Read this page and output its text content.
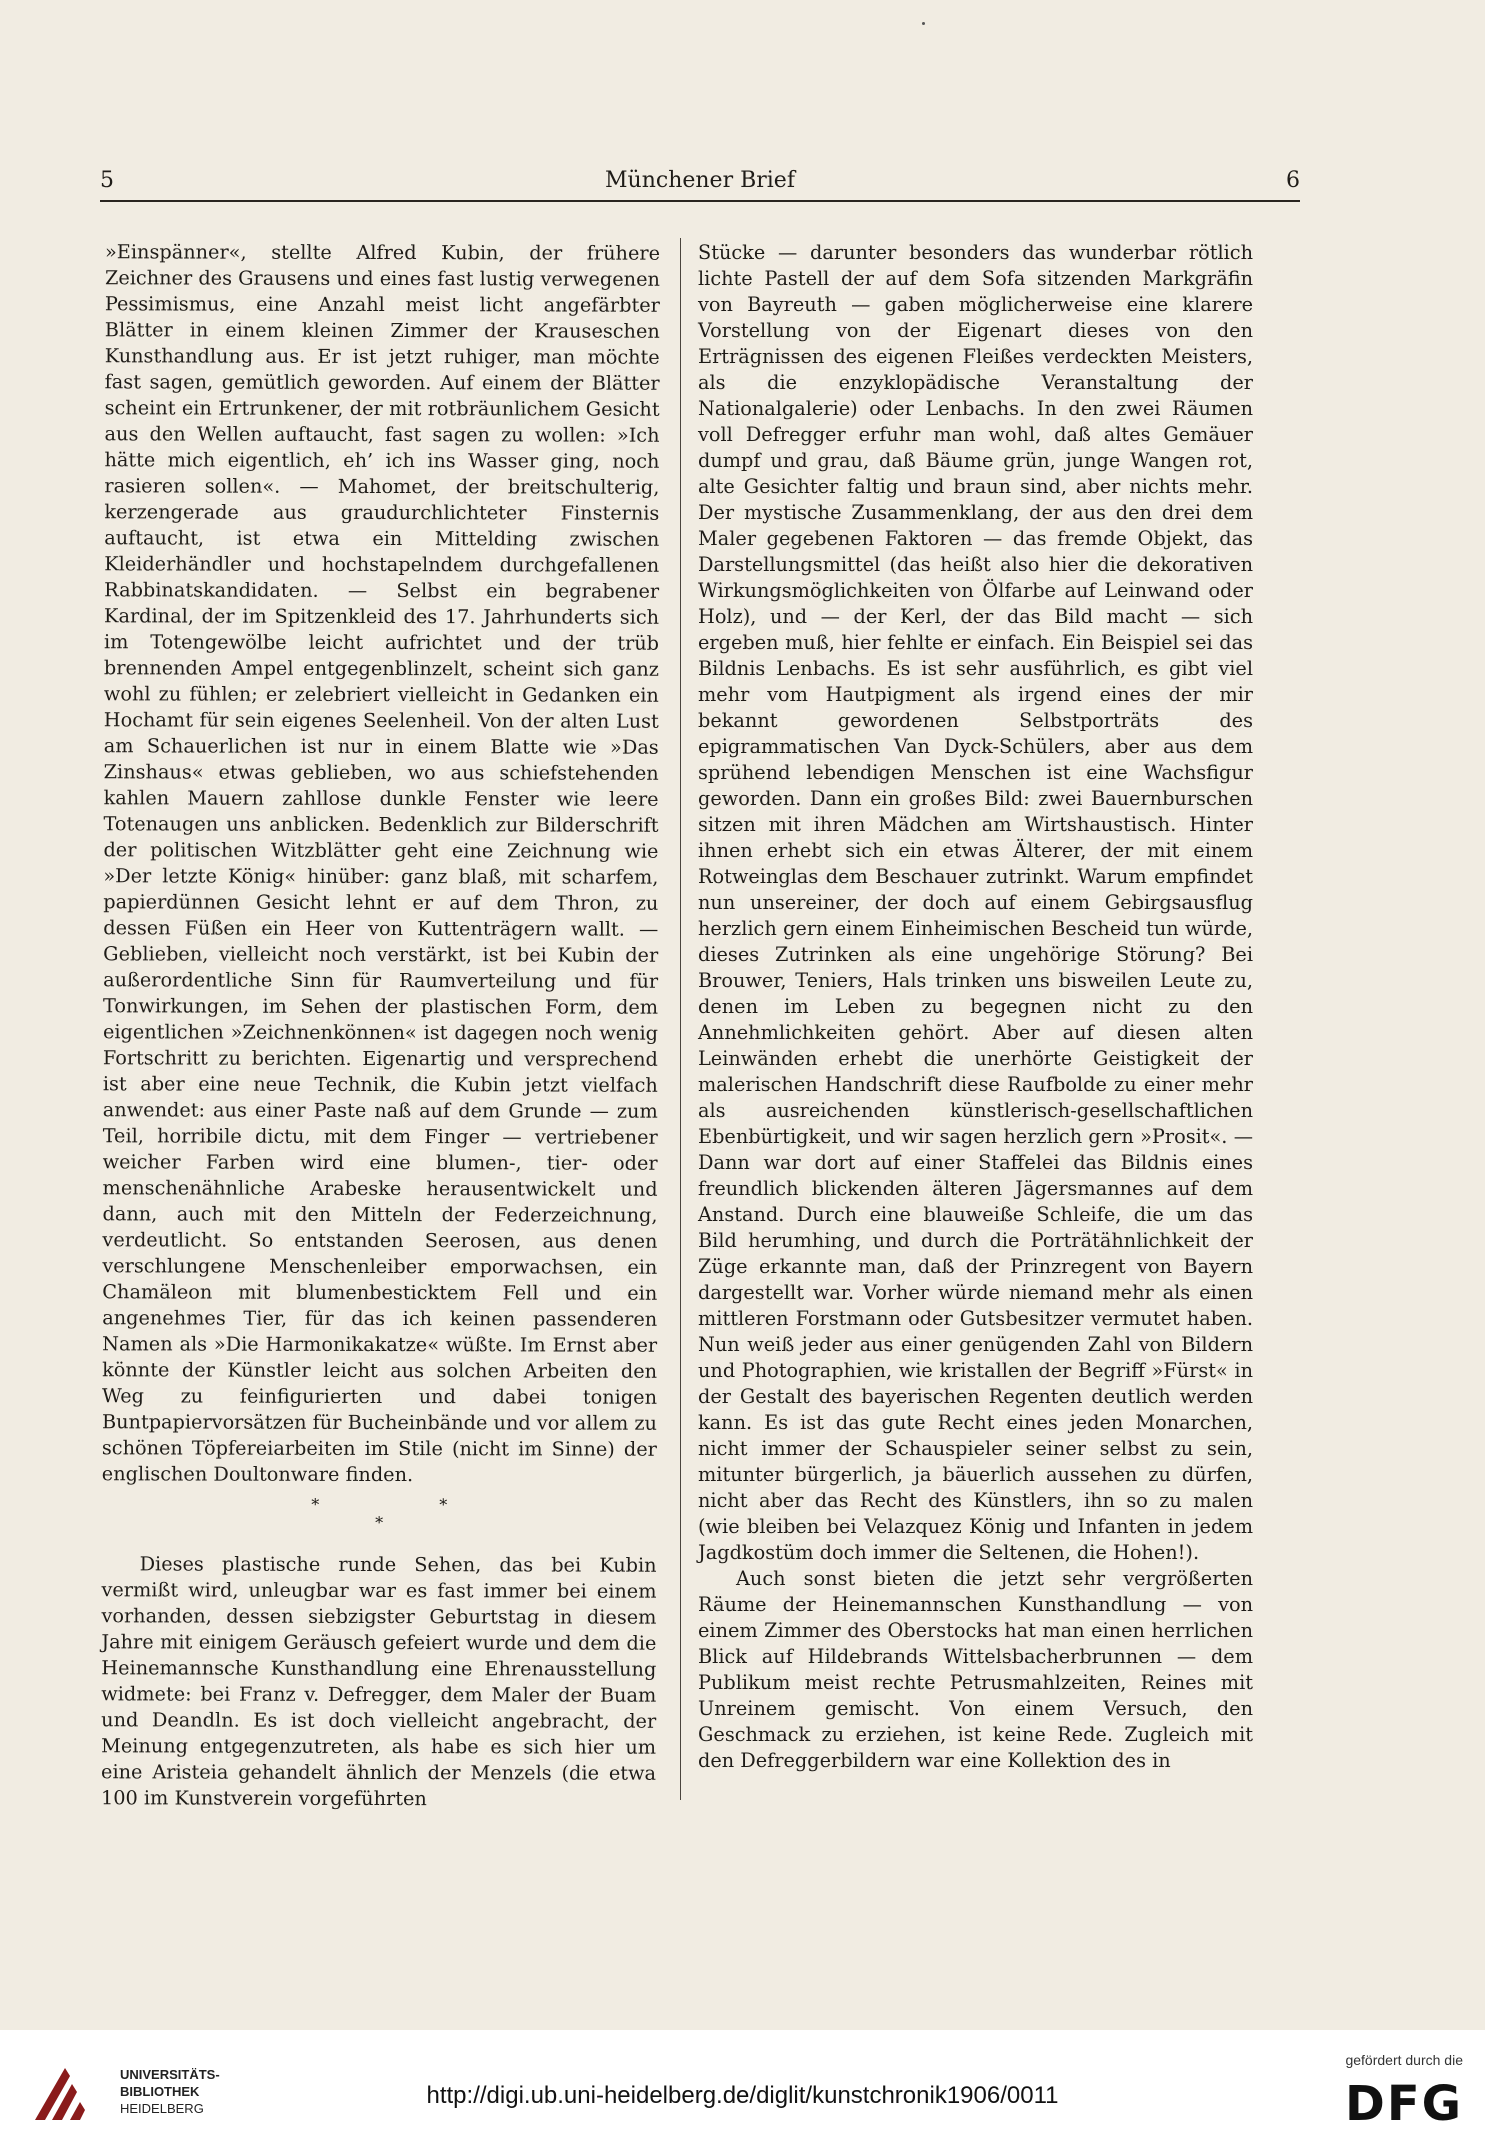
5	Münchener Brief	6

»Einspänner«, stellte Alfred Kubin, der frühere Zeichner des Grausens und eines fast lustig verwegenen Pessimismus, eine Anzahl meist licht angefärbter Blätter in einem kleinen Zimmer der Krauseschen Kunsthandlung aus. Er ist jetzt ruhiger, man möchte fast sagen, gemütlich geworden. Auf einem der Blätter scheint ein Ertrunkener, der mit rotbräunlichem Gesicht aus den Wellen auftaucht, fast sagen zu wollen: »Ich hätte mich eigentlich, eh’ ich ins Wasser ging, noch rasieren sollen«. — Mahomet, der breitschulterig, kerzengerade aus graudurchlichteter Finsternis auftaucht, ist etwa ein Mittelding zwischen Kleiderhändler und hochstapelndem durchgefallenen Rabbinatskandidaten. — Selbst ein begrabener Kardinal, der im Spitzenkleid des 17. Jahrhunderts sich im Totengewölbe leicht aufrichtet und der trüb brennenden Ampel entgegenblinzelt, scheint sich ganz wohl zu fühlen; er zelebriert vielleicht in Gedanken ein Hochamt für sein eigenes Seelenheil. Von der alten Lust am Schauerlichen ist nur in einem Blatte wie »Das Zinshaus« etwas geblieben, wo aus schiefstehenden kahlen Mauern zahllose dunkle Fenster wie leere Totenaugen uns anblicken. Bedenklich zur Bilderschrift der politischen Witzblätter geht eine Zeichnung wie »Der letzte König« hinüber: ganz blaß, mit scharfem, papierdünnen Gesicht lehnt er auf dem Thron, zu dessen Füßen ein Heer von Kuttenträgern wallt. — Geblieben, vielleicht noch verstärkt, ist bei Kubin der außerordentliche Sinn für Raumverteilung und für Tonwirkungen, im Sehen der plastischen Form, dem eigentlichen »Zeichnenkönnen« ist dagegen noch wenig Fortschritt zu berichten. Eigenartig und versprechend ist aber eine neue Technik, die Kubin jetzt vielfach anwendet: aus einer Paste naß auf dem Grunde — zum Teil, horribile dictu, mit dem Finger — vertriebener weicher Farben wird eine blumen-, tier- oder menschenähnliche Arabeske herausentwickelt und dann, auch mit den Mitteln der Federzeichnung, verdeutlicht. So entstanden Seerosen, aus denen verschlungene Menschenleiber emporwachsen, ein Chamäleon mit blumenbesticktem Fell und ein angenehmes Tier, für das ich keinen passenderen Namen als »Die Harmonikakatze« wüßte. Im Ernst aber könnte der Künstler leicht aus solchen Arbeiten den Weg zu feinfigurierten und dabei tonigen Buntpapiervorsätzen für Bucheinbände und vor allem zu schönen Töpfereiarbeiten im Stile (nicht im Sinne) der englischen Doultonware finden.

**
*

Dieses plastische runde Sehen, das bei Kubin vermißt wird, unleugbar war es fast immer bei einem vorhanden, dessen siebzigster Geburtstag in diesem Jahre mit einigem Geräusch gefeiert wurde und dem die Heinemannsche Kunsthandlung eine Ehrenausstellung widmete: bei Franz v. Defregger, dem Maler der Buam und Deandln. Es ist doch vielleicht angebracht, der Meinung entgegenzutreten, als habe es sich hier um eine Aristeia gehandelt ähnlich der Menzels (die etwa 100 im Kunstverein vorgeführten

Stücke — darunter besonders das wunderbar rötlich lichte Pastell der auf dem Sofa sitzenden Markgräfin von Bayreuth — gaben möglicherweise eine klarere Vorstellung von der Eigenart dieses von den Erträgnissen des eigenen Fleißes verdeckten Meisters, als die enzyklopädische Veranstaltung der Nationalgalerie) oder Lenbachs. In den zwei Räumen voll Defregger erfuhr man wohl, daß altes Gemäuer dumpf und grau, daß Bäume grün, junge Wangen rot, alte Gesichter faltig und braun sind, aber nichts mehr. Der mystische Zusammenklang, der aus den drei dem Maler gegebenen Faktoren — das fremde Objekt, das Darstellungsmittel (das heißt also hier die dekorativen Wirkungsmöglichkeiten von Ölfarbe auf Leinwand oder Holz), und — der Kerl, der das Bild macht — sich ergeben muß, hier fehlte er einfach. Ein Beispiel sei das Bildnis Lenbachs. Es ist sehr ausführlich, es gibt viel mehr vom Hautpigment als irgend eines der mir bekannt gewordenen Selbstporträts des epigrammatischen Van Dyck-Schülers, aber aus dem sprühend lebendigen Menschen ist eine Wachsfigur geworden. Dann ein großes Bild: zwei Bauernburschen sitzen mit ihren Mädchen am Wirtshaustisch. Hinter ihnen erhebt sich ein etwas Älterer, der mit einem Rotweinglas dem Beschauer zutrinkt. Warum empfindet nun unsereiner, der doch auf einem Gebirgsausflug herzlich gern einem Einheimischen Bescheid tun würde, dieses Zutrinken als eine ungehörige Störung? Bei Brouwer, Teniers, Hals trinken uns bisweilen Leute zu, denen im Leben zu begegnen nicht zu den Annehmlichkeiten gehört. Aber auf diesen alten Leinwänden erhebt die unerhörte Geistigkeit der malerischen Handschrift diese Raufbolde zu einer mehr als ausreichenden künstlerisch-gesellschaftlichen Ebenbürtigkeit, und wir sagen herzlich gern »Prosit«. — Dann war dort auf einer Staffelei das Bildnis eines freundlich blickenden älteren Jägersmannes auf dem Anstand. Durch eine blauweiße Schleife, die um das Bild herumhing, und durch die Porträtähnlichkeit der Züge erkannte man, daß der Prinzregent von Bayern dargestellt war. Vorher würde niemand mehr als einen mittleren Forstmann oder Gutsbesitzer vermutet haben. Nun weiß jeder aus einer genügenden Zahl von Bildern und Photographien, wie kristallen der Begriff »Fürst« in der Gestalt des bayerischen Regenten deutlich werden kann. Es ist das gute Recht eines jeden Monarchen, nicht immer der Schauspieler seiner selbst zu sein, mitunter bürgerlich, ja bäuerlich aussehen zu dürfen, nicht aber das Recht des Künstlers, ihn so zu malen (wie bleiben bei Velazquez König und Infanten in jedem Jagdkostüm doch immer die Seltenen, die Hohen!).

Auch sonst bieten die jetzt sehr vergrößerten Räume der Heinemannschen Kunsthandlung — von einem Zimmer des Oberstocks hat man einen herrlichen Blick auf Hildebrands Wittelsbacherbrunnen — dem Publikum meist rechte Petrusmahlzeiten, Reines mit Unreinem gemischt. Von einem Versuch, den Geschmack zu erziehen, ist keine Rede. Zugleich mit den Defreggerbildern war eine Kollektion des in

UNIVERSITÄTS-
BIBLIOTHEK
HEIDELBERG	http://digi.ub.uni-heidelberg.de/diglit/kunstchronik1906/0011
gefördert durch die
DFG
